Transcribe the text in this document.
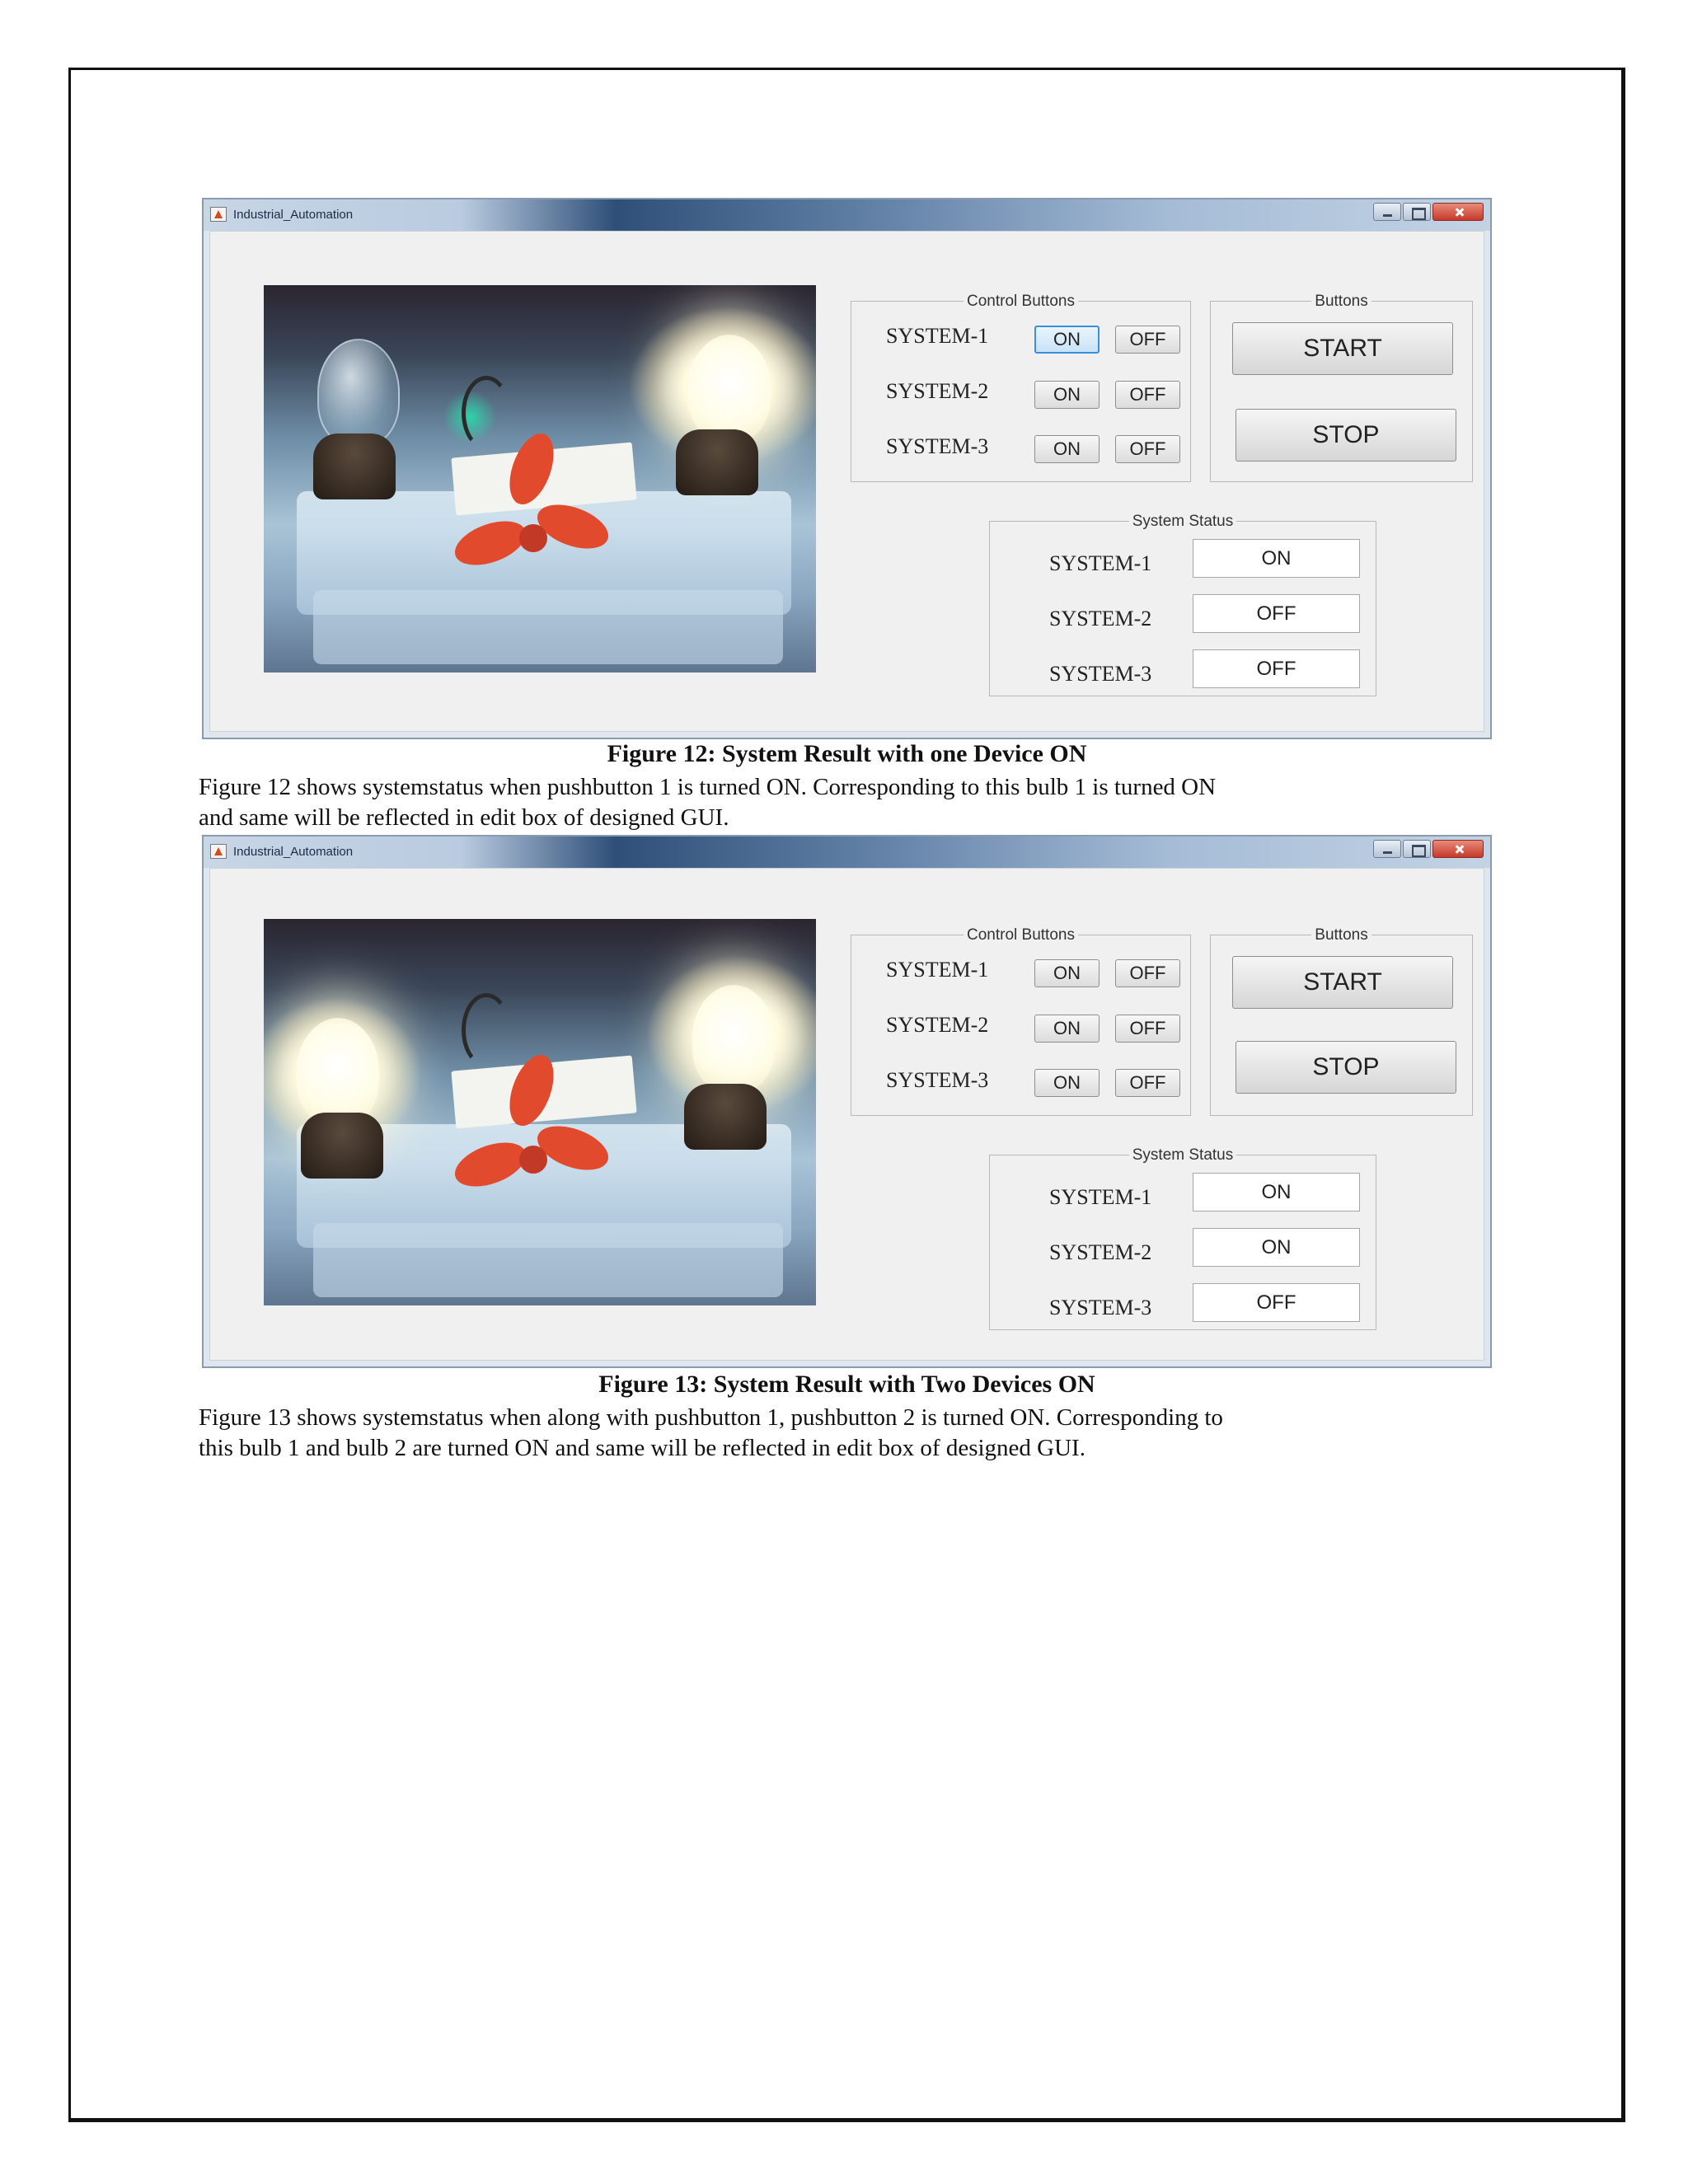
Industrial_Automation
Control Buttons
SYSTEM-1	ON	OFF
SYSTEM-2	ON	OFF
SYSTEM-3	ON	OFF
Buttons
START
STOP
System Status
SYSTEM-1	ON
SYSTEM-2	OFF
SYSTEM-3	OFF
Figure 12: System Result with one Device ON
Figure 12 shows systemstatus when pushbutton 1 is turned ON. Corresponding to this bulb 1 is turned ON
and same will be reflected in edit box of designed GUI.
Industrial_Automation
Control Buttons
SYSTEM-1	ON	OFF
SYSTEM-2	ON	OFF
SYSTEM-3	ON	OFF
Buttons
START
STOP
System Status
SYSTEM-1	ON
SYSTEM-2	ON
SYSTEM-3	OFF
Figure 13: System Result with Two Devices ON
Figure 13 shows systemstatus when along with pushbutton 1, pushbutton 2 is turned ON. Corresponding to
this bulb 1 and bulb 2 are turned ON and same will be reflected in edit box of designed GUI.
